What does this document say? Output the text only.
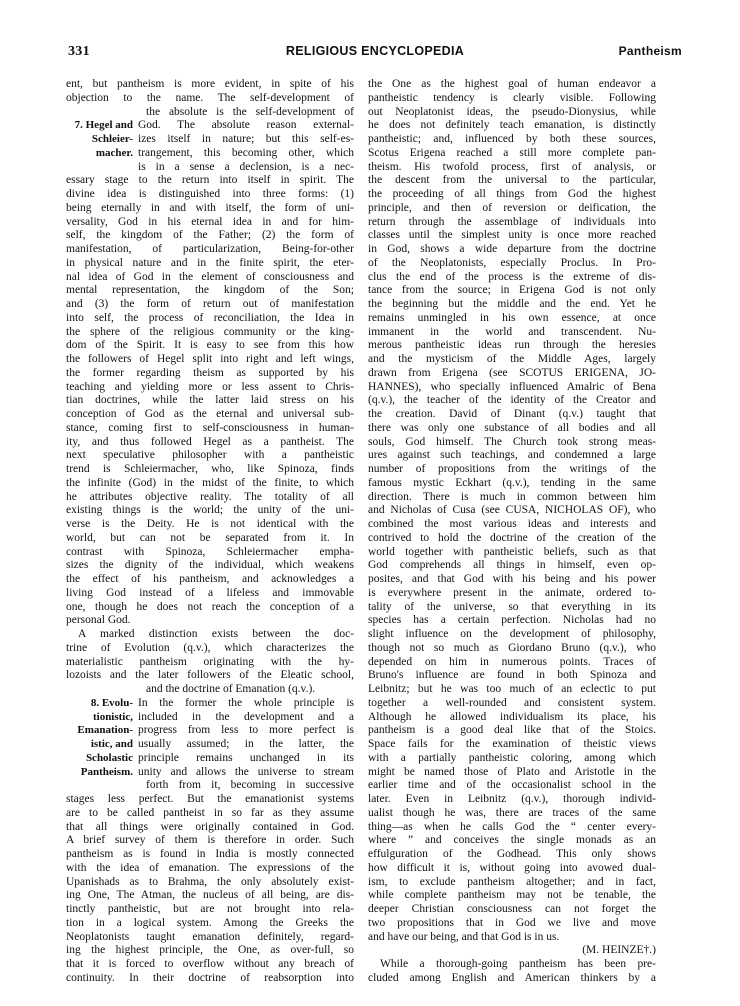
331	RELIGIOUS ENCYCLOPEDIA	Pantheism
ent, but pantheism is more evident, in spite of his
objection to the name. The self-development of
the absolute is the self-development of
7. Hegel and God. The absolute reason external-
Schleier- izes itself in nature; but this self-es-
macher. trangement, this becoming other, which
is in a sense a declension, is a nec-
essary stage to the return into itself in spirit. The
divine idea is distinguished into three forms: (1)
being eternally in and with itself, the form of uni-
versality, God in his eternal idea in and for him-
self, the kingdom of the Father; (2) the form of
manifestation, of particularization, Being-for-other
in physical nature and in the finite spirit, the eter-
nal idea of God in the element of consciousness and
mental representation, the kingdom of the Son;
and (3) the form of return out of manifestation
into self, the process of reconciliation, the Idea in
the sphere of the religious community or the king-
dom of the Spirit. It is easy to see from this how
the followers of Hegel split into right and left wings,
the former regarding theism as supported by his
teaching and yielding more or less assent to Chris-
tian doctrines, while the latter laid stress on his
conception of God as the eternal and universal sub-
stance, coming first to self-consciousness in human-
ity, and thus followed Hegel as a pantheist. The
next speculative philosopher with a pantheistic
trend is Schleiermacher, who, like Spinoza, finds
the infinite (God) in the midst of the finite, to which
he attributes objective reality. The totality of all
existing things is the world; the unity of the uni-
verse is the Deity. He is not identical with the
world, but can not be separated from it. In
contrast with Spinoza, Schleiermacher empha-
sizes the dignity of the individual, which weakens
the effect of his pantheism, and acknowledges a
living God instead of a lifeless and immovable
one, though he does not reach the conception of a
personal God.
A marked distinction exists between the doc-
trine of Evolution (q.v.), which characterizes the
materialistic pantheism originating with the hy-
lozoists and the later followers of the Eleatic school,
and the doctrine of Emanation (q.v.).
8. Evolu- In the former the whole principle is
tionistic, included in the development and a
Emanation- progress from less to more perfect is
istic, and usually assumed; in the latter, the
Scholastic principle remains unchanged in its
Pantheism. unity and allows the universe to stream
forth from it, becoming in successive
stages less perfect. But the emanationist systems
are to be called pantheist in so far as they assume
that all things were originally contained in God.
A brief survey of them is therefore in order. Such
pantheism as is found in India is mostly connected
with the idea of emanation. The expressions of the
Upanishads as to Brahma, the only absolutely exist-
ing One, The Atman, the nucleus of all being, are dis-
tinctly pantheistic, but are not brought into rela-
tion in a logical system. Among the Greeks the
Neoplatonists taught emanation definitely, regard-
ing the highest principle, the One, as over-full, so
that it is forced to overflow without any breach of
continuity. In their doctrine of reabsorption into
the One as the highest goal of human endeavor a
pantheistic tendency is clearly visible. Following
out Neoplatonist ideas, the pseudo-Dionysius, while
he does not definitely teach emanation, is distinctly
pantheistic; and, influenced by both these sources,
Scotus Erigena reached a still more complete pan-
theism. His twofold process, first of analysis, or
the descent from the universal to the particular,
the proceeding of all things from God the highest
principle, and then of reversion or deification, the
return through the assemblage of individuals into
classes until the simplest unity is once more reached
in God, shows a wide departure from the doctrine
of the Neoplatonists, especially Proclus. In Pro-
clus the end of the process is the extreme of dis-
tance from the source; in Erigena God is not only
the beginning but the middle and the end. Yet he
remains unmingled in his own essence, at once
immanent in the world and transcendent. Nu-
merous pantheistic ideas run through the heresies
and the mysticism of the Middle Ages, largely
drawn from Erigena (see SCOTUS ERIGENA, JO-
HANNES), who specially influenced Amalric of Bena
(q.v.), the teacher of the identity of the Creator and
the creation. David of Dinant (q.v.) taught that
there was only one substance of all bodies and all
souls, God himself. The Church took strong meas-
ures against such teachings, and condemned a large
number of propositions from the writings of the
famous mystic Eckhart (q.v.), tending in the same
direction. There is much in common between him
and Nicholas of Cusa (see CUSA, NICHOLAS OF), who
combined the most various ideas and interests and
contrived to hold the doctrine of the creation of the
world together with pantheistic beliefs, such as that
God comprehends all things in himself, even op-
posites, and that God with his being and his power
is everywhere present in the animate, ordered to-
tality of the universe, so that everything in its
species has a certain perfection. Nicholas had no
slight influence on the development of philosophy,
though not so much as Giordano Bruno (q.v.), who
depended on him in numerous points. Traces of
Bruno's influence are found in both Spinoza and
Leibnitz; but he was too much of an eclectic to put
together a well-rounded and consistent system.
Although he allowed individualism its place, his
pantheism is a good deal like that of the Stoics.
Space fails for the examination of theistic views
with a partially pantheistic coloring, among which
might be named those of Plato and Aristotle in the
earlier time and of the occasionalist school in the
later. Even in Leibnitz (q.v.), thorough individ-
ualist though he was, there are traces of the same
thing—as when he calls God the “ center every-
where ” and conceives the single monads as an
effulguration of the Godhead. This only shows
how difficult it is, without going into avowed dual-
ism, to exclude pantheism altogether; and in fact,
while complete pantheism may not be tenable, the
deeper Christian consciousness can not forget the
two propositions that in God we live and move
and have our being, and that God is in us.
(M. HEINZE†.)
While a thorough-going pantheism has been pre-
cluded among English and American thinkers by a
